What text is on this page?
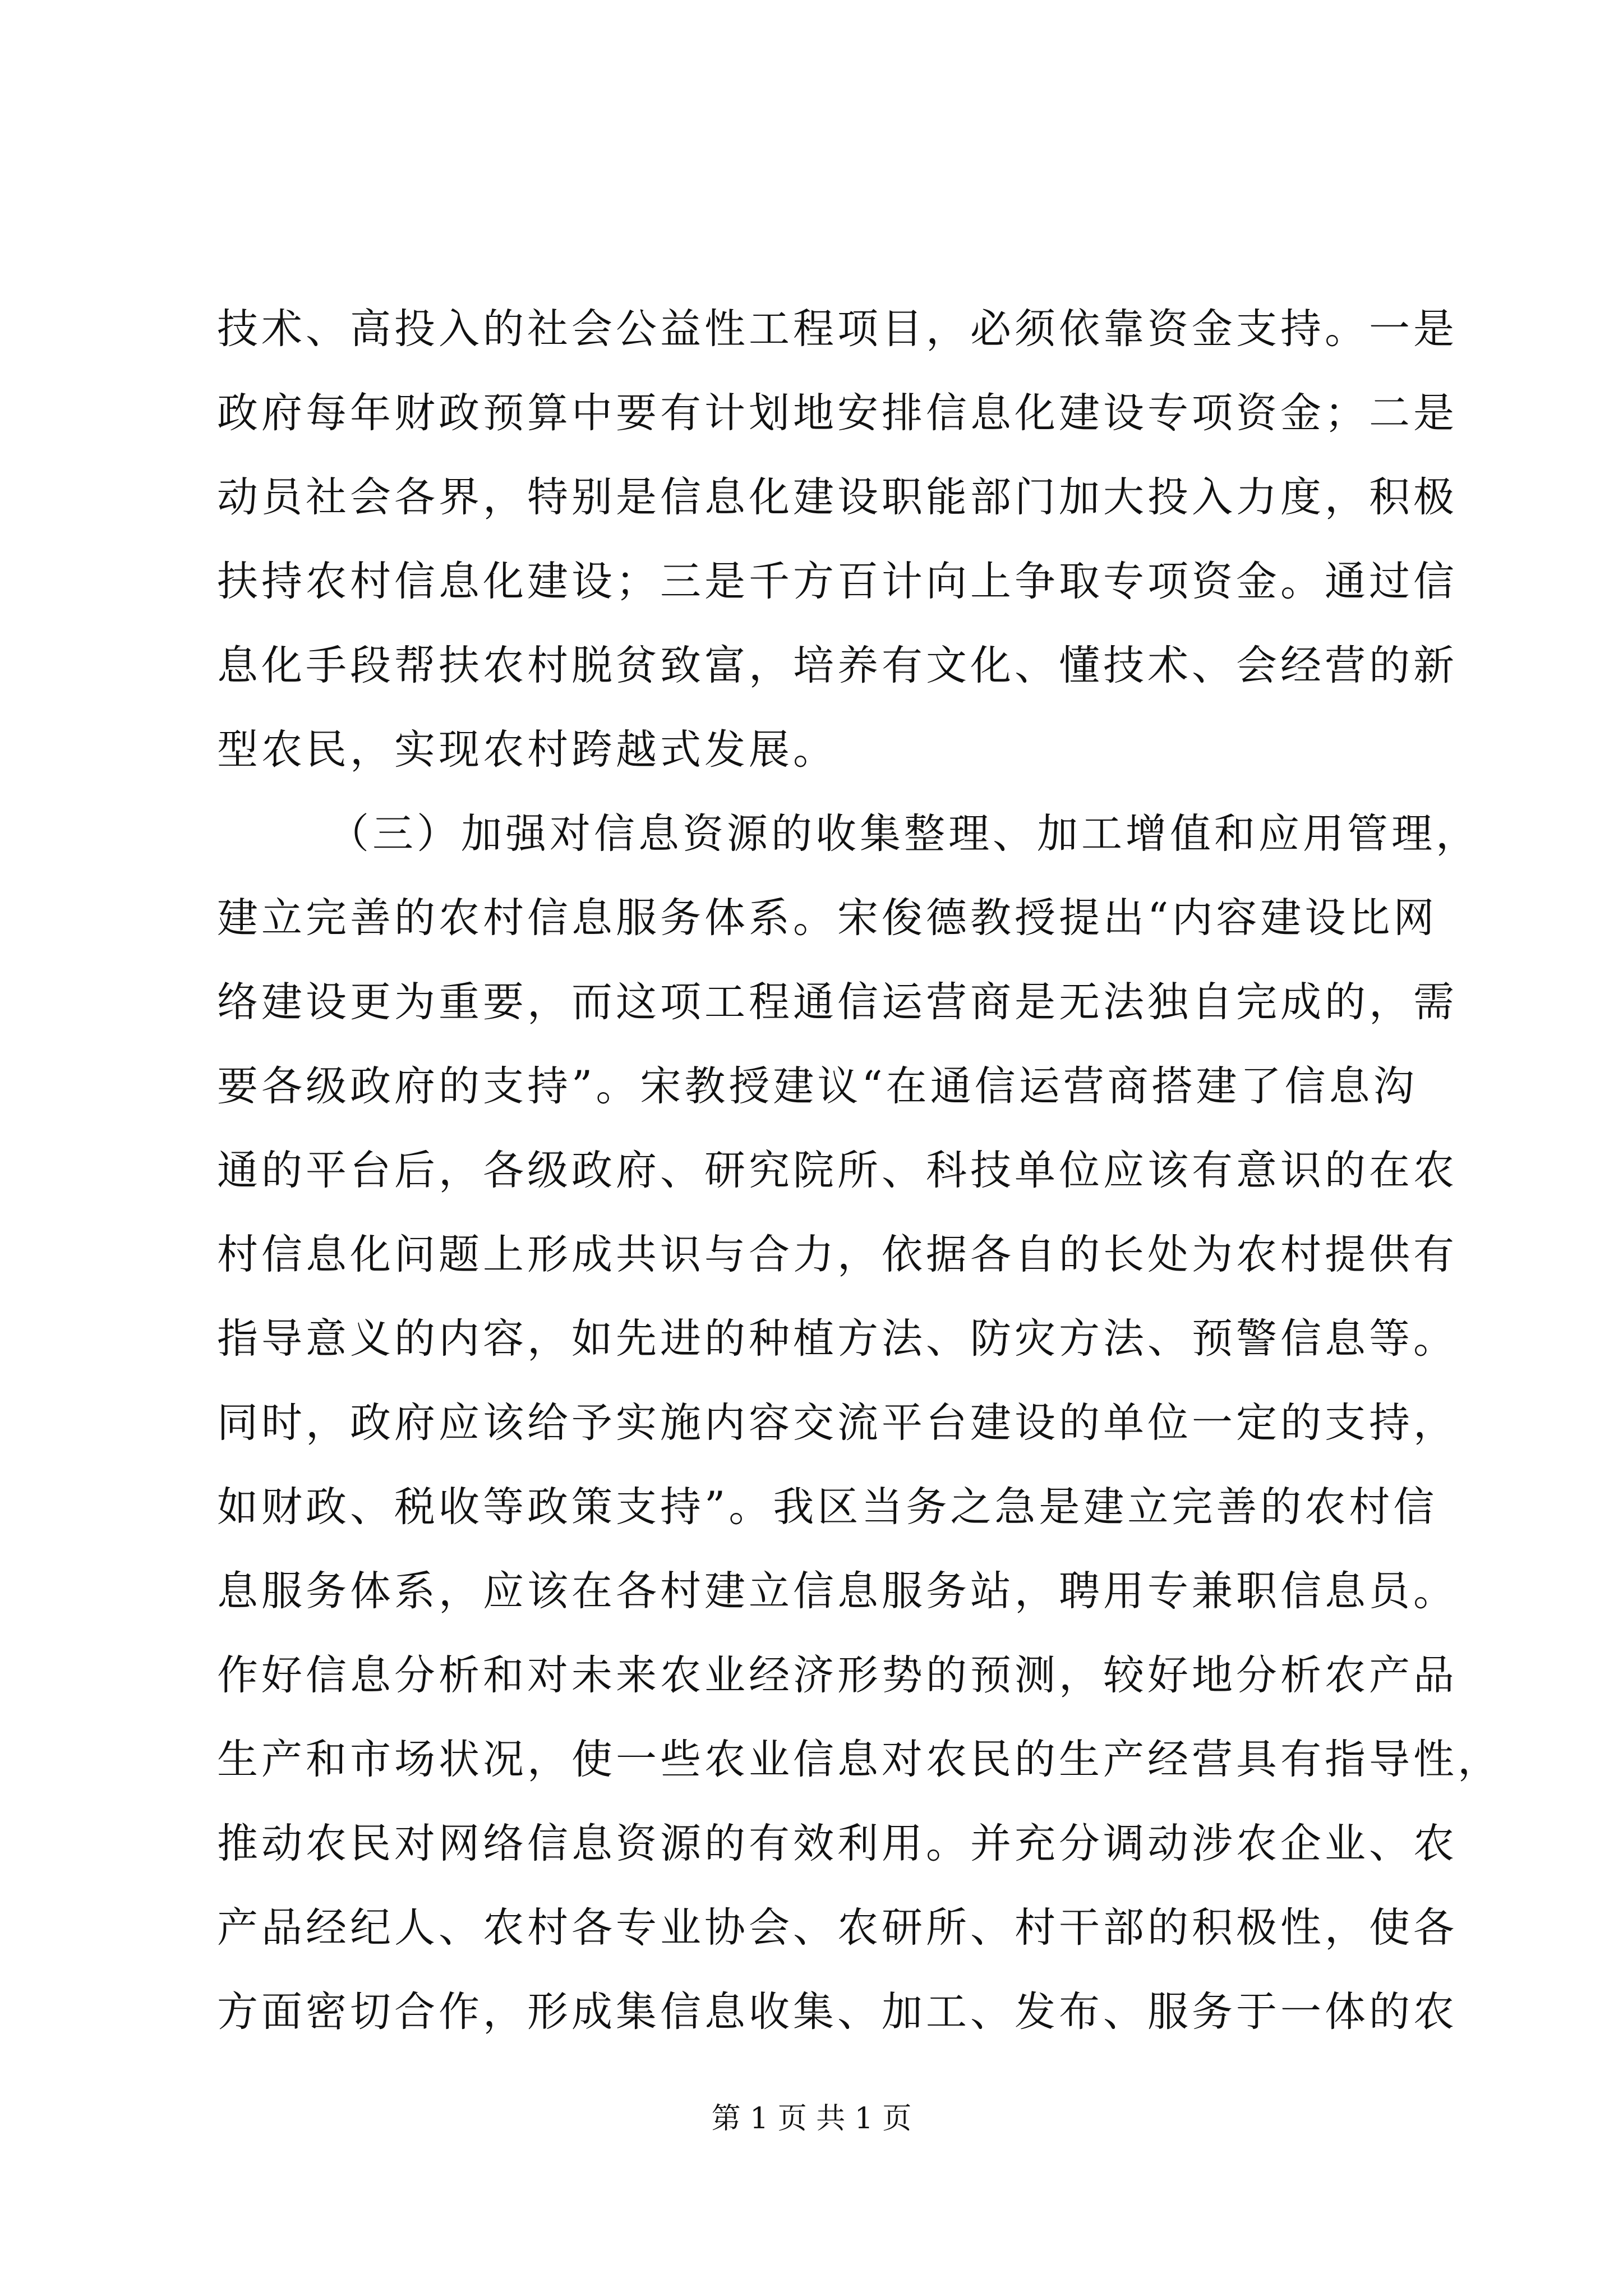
技术、高投入的社会公益性工程项目，必须依靠资金支持。一是
政府每年财政预算中要有计划地安排信息化建设专项资金；二是
动员社会各界，特别是信息化建设职能部门加大投入力度，积极
扶持农村信息化建设；三是千方百计向上争取专项资金。通过信
息化手段帮扶农村脱贫致富，培养有文化、懂技术、会经营的新
型农民，实现农村跨越式发展。
（三）加强对信息资源的收集整理、加工增值和应用管理，
建立完善的农村信息服务体系。宋俊德教授提出“内容建设比网
络建设更为重要，而这项工程通信运营商是无法独自完成的，需
要各级政府的支持”。宋教授建议“在通信运营商搭建了信息沟
通的平台后，各级政府、研究院所、科技单位应该有意识的在农
村信息化问题上形成共识与合力，依据各自的长处为农村提供有
指导意义的内容，如先进的种植方法、防灾方法、预警信息等。
同时，政府应该给予实施内容交流平台建设的单位一定的支持，
如财政、税收等政策支持”。我区当务之急是建立完善的农村信
息服务体系，应该在各村建立信息服务站，聘用专兼职信息员。
作好信息分析和对未来农业经济形势的预测，较好地分析农产品
生产和市场状况，使一些农业信息对农民的生产经营具有指导性，
推动农民对网络信息资源的有效利用。并充分调动涉农企业、农
产品经纪人、农村各专业协会、农研所、村干部的积极性，使各
方面密切合作，形成集信息收集、加工、发布、服务于一体的农
第 1 页 共 1 页
